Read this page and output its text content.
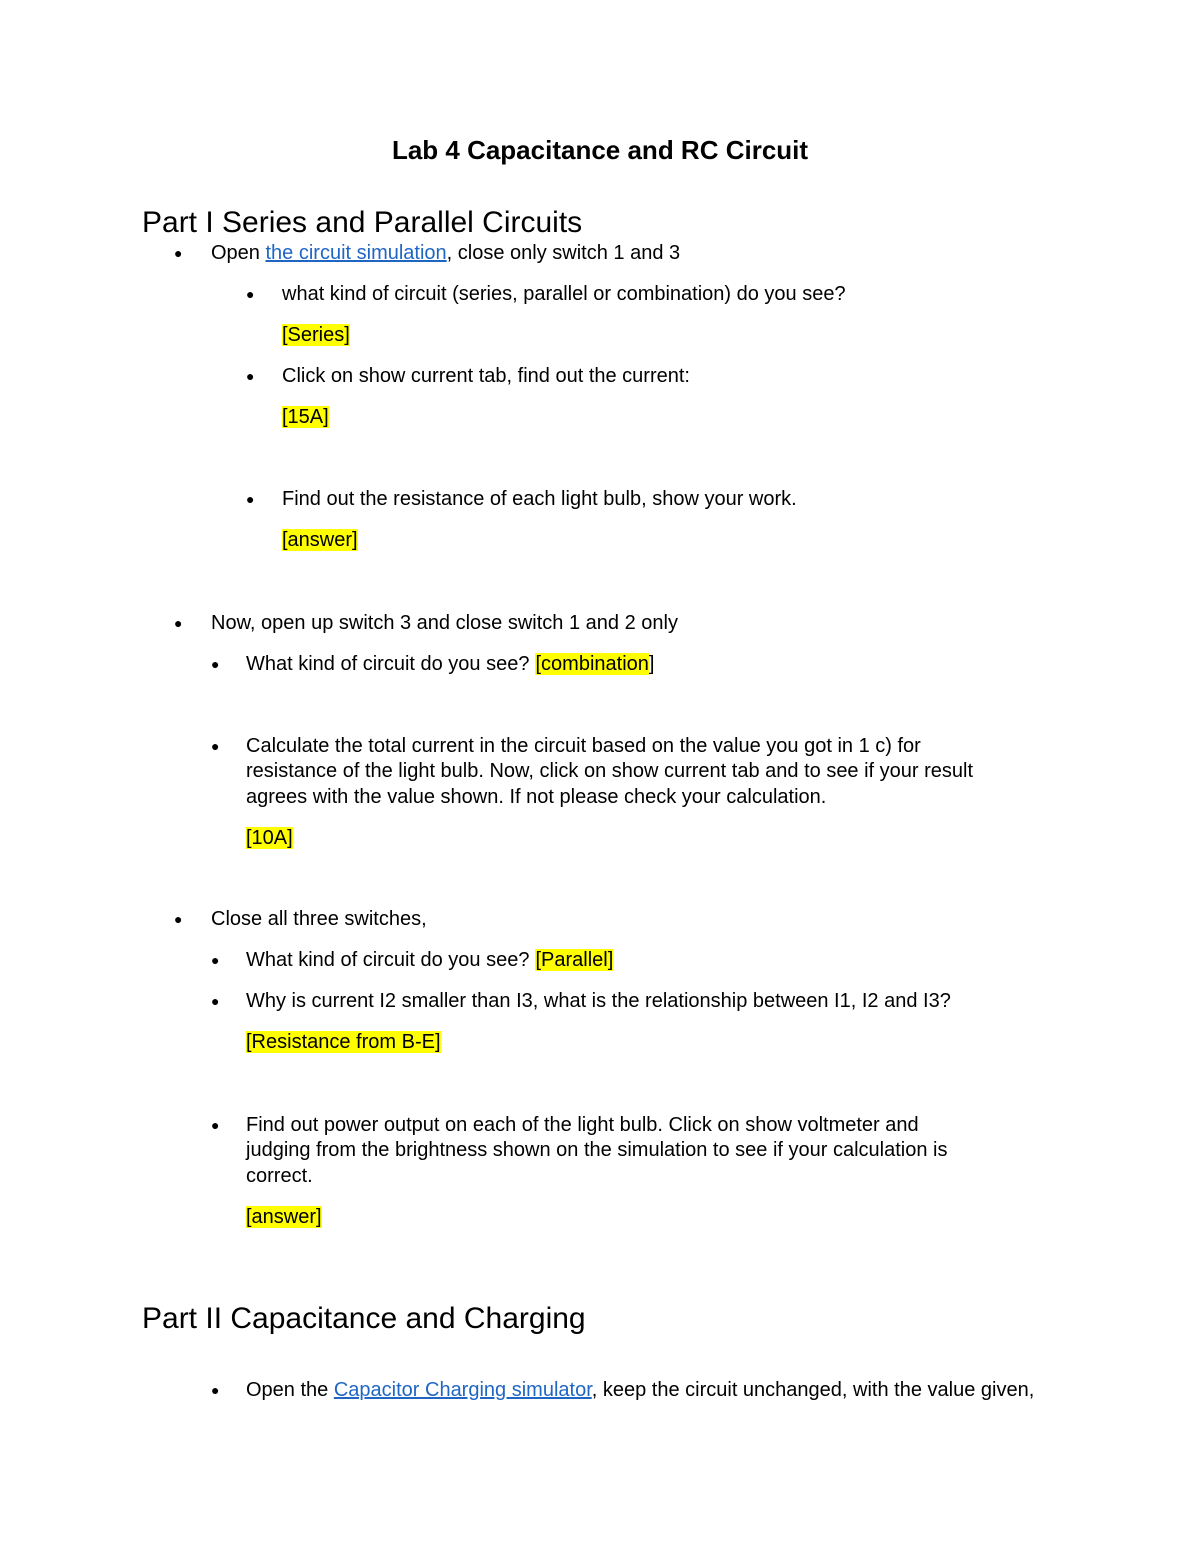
Lab 4 Capacitance and RC Circuit
Part I Series and Parallel Circuits
● Open the circuit simulation, close only switch 1 and 3
● what kind of circuit (series, parallel or combination) do you see?
[Series]
● Click on show current tab, find out the current:
[15A]
● Find out the resistance of each light bulb, show your work.
[answer]
● Now, open up switch 3 and close switch 1 and 2 only
● What kind of circuit do you see? [combination]
● Calculate the total current in the circuit based on the value you got in 1 c) for
resistance of the light bulb. Now, click on show current tab and to see if your result
agrees with the value shown. If not please check your calculation.
[10A]
● Close all three switches,
● What kind of circuit do you see? [Parallel]
● Why is current I2 smaller than I3, what is the relationship between I1, I2 and I3?
[Resistance from B-E]
● Find out power output on each of the light bulb. Click on show voltmeter and
judging from the brightness shown on the simulation to see if your calculation is
correct.
[answer]
Part II Capacitance and Charging
● Open the Capacitor Charging simulator, keep the circuit unchanged, with the value given,
